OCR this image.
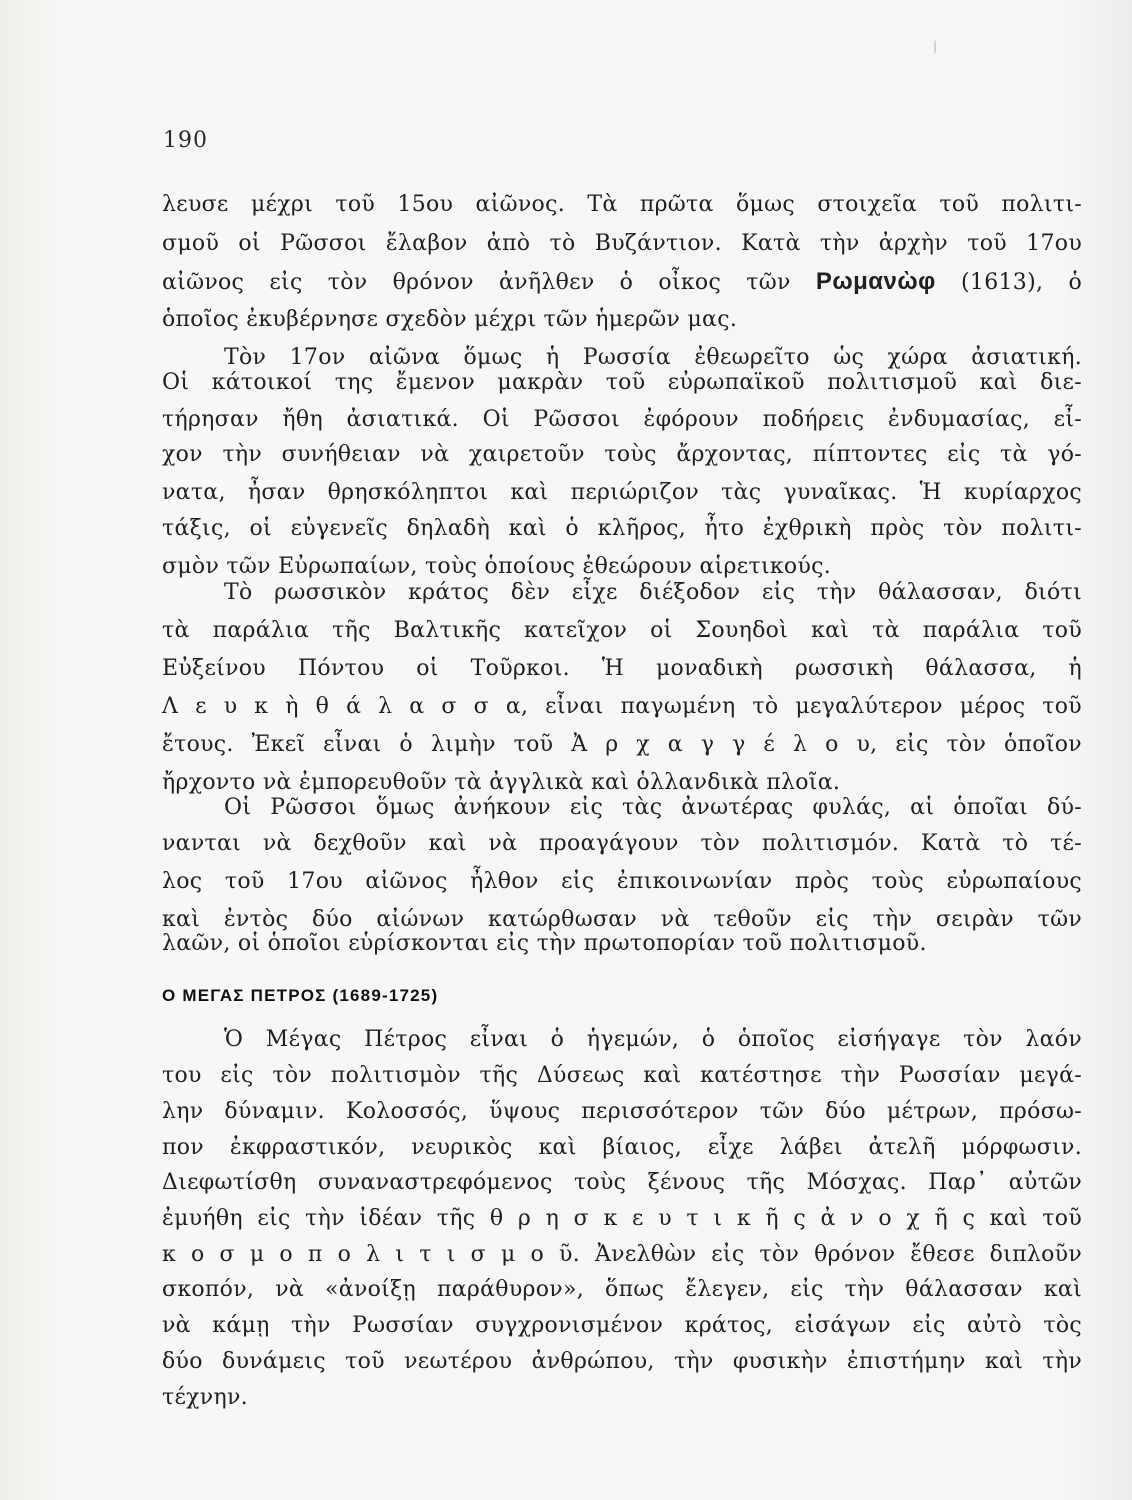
190
λευσε μέχρι τοῦ 15ου αἰῶνος. Τὰ πρῶτα ὅμως στοιχεῖα τοῦ πολιτι-
σμοῦ οἱ Ρῶσσοι ἔλαβον ἀπὸ τὸ Βυζάντιον. Κατὰ τὴν ἀρχὴν τοῦ 17ου
αἰῶνος εἰς τὸν θρόνον ἀνῆλθεν ὁ οἶκος τῶν Ρωμανὼφ (1613), ὁ
ὁποῖος ἐκυβέρνησε σχεδὸν μέχρι τῶν ἡμερῶν μας.
Τὸν 17ον αἰῶνα ὅμως ἡ Ρωσσία ἐθεωρεῖτο ὡς χώρα ἀσιατική.
Οἱ κάτοικοί της ἔμενον μακρὰν τοῦ εὐρωπαϊκοῦ πολιτισμοῦ καὶ διε-
τήρησαν ἤθη ἀσιατικά. Οἱ Ρῶσσοι ἐφόρουν ποδήρεις ἐνδυμασίας, εἶ-
χον τὴν συνήθειαν νὰ χαιρετοῦν τοὺς ἄρχοντας, πίπτοντες εἰς τὰ γό-
νατα, ἦσαν θρησκόληπτοι καὶ περιώριζον τὰς γυναῖκας. Ἡ κυρίαρχος
τάξις, οἱ εὐγενεῖς δηλαδὴ καὶ ὁ κλῆρος, ἦτο ἐχθρικὴ πρὸς τὸν πολιτι-
σμὸν τῶν Εὐρωπαίων, τοὺς ὁποίους ἐθεώρουν αἱρετικούς.
Τὸ ρωσσικὸν κράτος δὲν εἶχε διέξοδον εἰς τὴν θάλασσαν, διότι
τὰ παράλια τῆς Βαλτικῆς κατεῖχον οἱ Σουηδοὶ καὶ τὰ παράλια τοῦ
Εὐξείνου Πόντου οἱ Τοῦρκοι. Ἡ μοναδικὴ ρωσσικὴ θάλασσα, ἡ
Λ ε υ κ ὴ θ ά λ α σ σ α, εἶναι παγωμένη τὸ μεγαλύτερον μέρος τοῦ
ἔτους. Ἐκεῖ εἶναι ὁ λιμὴν τοῦ Ἀ ρ χ α γ γ έ λ ο υ, εἰς τὸν ὁποῖον
ἤρχοντο νὰ ἐμπορευθοῦν τὰ ἀγγλικὰ καὶ ὁλλανδικὰ πλοῖα.
Οἱ Ρῶσσοι ὅμως ἀνήκουν εἰς τὰς ἀνωτέρας φυλάς, αἱ ὁποῖαι δύ-
νανται νὰ δεχθοῦν καὶ νὰ προαγάγουν τὸν πολιτισμόν. Κατὰ τὸ τέ-
λος τοῦ 17ου αἰῶνος ἦλθον εἰς ἐπικοινωνίαν πρὸς τοὺς εὐρωπαίους
καὶ ἐντὸς δύο αἰώνων κατώρθωσαν νὰ τεθοῦν εἰς τὴν σειρὰν τῶν
λαῶν, οἱ ὁποῖοι εὑρίσκονται εἰς τὴν πρωτοπορίαν τοῦ πολιτισμοῦ.
Ο ΜΕΓΑΣ ΠΕΤΡΟΣ (1689-1725)
Ὁ Μέγας Πέτρος εἶναι ὁ ἡγεμών, ὁ ὁποῖος εἰσήγαγε τὸν λαόν
του εἰς τὸν πολιτισμὸν τῆς Δύσεως καὶ κατέστησε τὴν Ρωσσίαν μεγά-
λην δύναμιν. Κολοσσός, ὕψους περισσότερον τῶν δύο μέτρων, πρόσω-
πον ἐκφραστικόν, νευρικὸς καὶ βίαιος, εἶχε λάβει ἀτελῆ μόρφωσιν.
Διεφωτίσθη συναναστρεφόμενος τοὺς ξένους τῆς Μόσχας. Παρ᾽ αὐτῶν
ἐμυήθη εἰς τὴν ἰδέαν τῆς θ ρ η σ κ ε υ τ ι κ ῆ ς ἀ ν ο χ ῆ ς καὶ τοῦ
κ ο σ μ ο π ο λ ι τ ι σ μ ο ῦ. Ἀνελθὼν εἰς τὸν θρόνον ἔθεσε διπλοῦν
σκοπόν, νὰ «ἀνοίξῃ παράθυρον», ὅπως ἔλεγεν, εἰς τὴν θάλασσαν καὶ
νὰ κάμῃ τὴν Ρωσσίαν συγχρονισμένον κράτος, εἰσάγων εἰς αὐτὸ τὸς
δύο δυνάμεις τοῦ νεωτέρου ἀνθρώπου, τὴν φυσικὴν ἐπιστήμην καὶ τὴν
τέχνην.
